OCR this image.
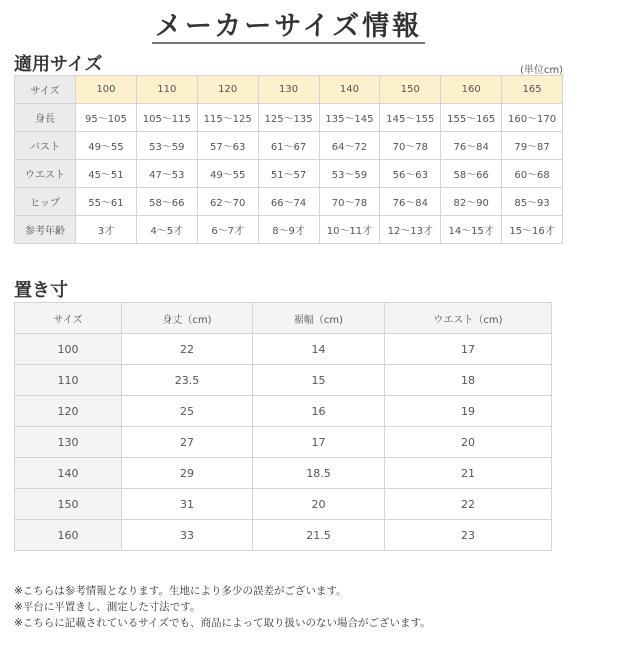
メーカーサイズ情報
適用サイズ	(単位cm)
サイズ	100	110	120	130	140	150	160	165
身長	95〜105	105〜115	115〜125	125〜135	135〜145	145〜155	155〜165	160〜170
バスト	49〜55	53〜59	57〜63	61〜67	64〜72	70〜78	76〜84	79〜87
ウエスト	45〜51	47〜53	49〜55	51〜57	53〜59	56〜63	58〜66	60〜68
ヒップ	55〜61	58〜66	62〜70	66〜74	70〜78	76〜84	82〜90	85〜93
参考年齢	3才	4〜5才	6〜7才	8〜9才	10〜11才	12〜13才	14〜15才	15〜16才
置き寸
サイズ	身丈（cm)	裾幅（cm)	ウエスト（cm)
100	22	14	17
110	23.5	15	18
120	25	16	19
130	27	17	20
140	29	18.5	21
150	31	20	22
160	33	21.5	23
※こちらは参考情報となります。生地により多少の誤差がございます。
※平台に平置きし、測定した寸法です。
※こちらに記載されているサイズでも、商品によって取り扱いのない場合がございます。
